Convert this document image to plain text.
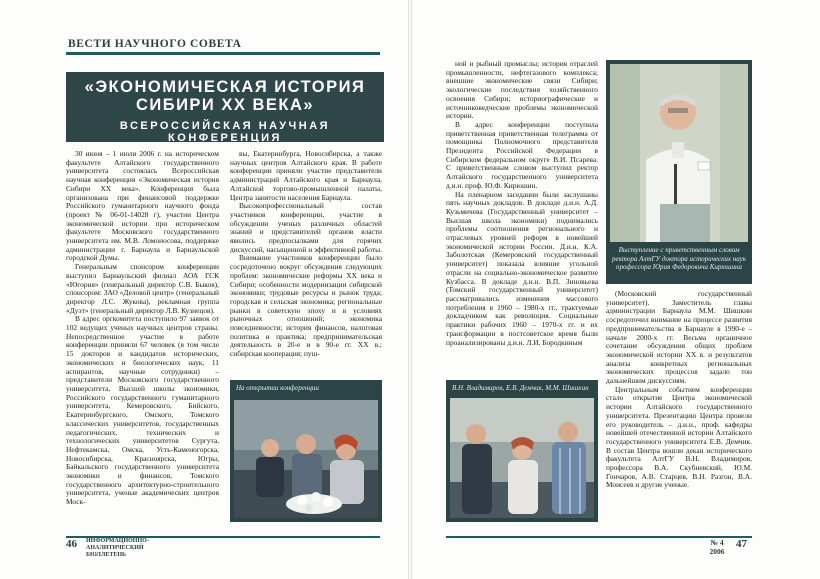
ВЕСТИ НАУЧНОГО СОВЕТА
«ЭКОНОМИЧЕСКАЯ ИСТОРИЯ СИБИРИ ХХ ВЕКА»
ВСЕРОССИЙСКАЯ НАУЧНАЯ КОНФЕРЕНЦИЯ

30 июня – 1 июля 2006 г. на историческом факультете Алтайского государственного университета состоялась Всероссийская научная конференция «Экономическая история Сибири ХХ века». Конференция была организована при финансовой поддержке Российского гуманитарного научного фонда (проект № 06-01-14028 г), участии Центра экономической истории при историческом факультете Московского государственного университета им. М.В. Ломоносова, поддержке администрации г. Барнаула и Барнаульской городской Думы.

Генеральным спонсором конференции выступил Барнаульский филиал АОА ГСК «Югория» (генеральный директор С.В. Быков), спонсором: ЗАО «Деловой центр» (генеральный директор Л.С. Жукова), рекламная группа «Дуэт» (генеральный директор Л.В. Кузнецов).

В адрес оргкомитета поступило 97 заявок от 102 ведущих ученых научных центров страны. Непосредственное участие в работе конференции приняли 67 человек (в том числе 15 докторов и кандидатов исторических, экономических и биологических наук, 11 аспирантов, научные сотрудники) – представители Московского государственного университета, Высшей школы экономики, Российского государственного гуманитарного университета, Кемеровского, Бийского, Екатеринбургского, Омского, Томского классических университетов, государственных педагогических, технических и технологических университетов Сургута, Нефтекамска, Омска, Усть-Каменогорска, Новосибирска, Красноярска, Югры, Байкальского государственного университета экономики и финансов, Томского государственного архитектурно-строительного университета, ученые академических центров Моск-

вы, Екатеринбурга, Новосибирска, а также научных центров Алтайского края. В работе конференции приняли участие представители администраций Алтайского края и Барнаула, Алтайской торгово-промышленной палаты, Центра занятости населения Барнаула.

Высокопрофессиональный состав участников конференции, участие в обсуждении ученых различных областей знаний и представителей органов власти явились предпосылками для горячих дискуссий, насыщенной и эффективной работы.

Внимание участников конференции было сосредоточено вокруг обсуждения следующих проблем: экономические реформы ХХ века и Сибири; особенности модернизации сибирской экономики; трудовые ресурсы и рынок труда; городская и сельская экономика; региональные рынки в советскую эпоху и в условиях рыночных отношений; экономика повседневности; история финансов, налоговая политика и практика; предпринимательская деятельность в 20-е и в 90-е гг. ХХ в.; сибирская кооперация; пуш-

На открытии конференции
46 ИНФОРМАЦИОННО-АНАЛИТИЧЕСКИЙ БЮЛЛЕТЕНЬ

ной и рыбный промыслы; история отраслей промышленности, нефтегазового комплекса; внешние экономические связи Сибири; экологические последствия хозяйственного освоения Сибири; историографические и источниковедческие проблемы экономической истории.

В адрес конференции поступила приветственная приветственная телеграмма от помощника Полномочного представителя Президента Российской Федерации в Сибирском федеральном округе В.И. Псарева. С приветственным словом выступил ректор Алтайского государственного университета д.и.н. проф. Ю.Ф. Кирюшин.

На пленарном заседании были заслушаны пять научных докладов. В докладе д.и.н. А.Д. Кузьмичева (Государственный университет – Высшая школа экономики) поднимались проблемы соотношения регионального и отраслевых уровней реформ в новейшей экономической истории России. Д.и.н. К.А. Заболотская (Кемеровский государственный университет) показала влияние угольной отрасли на социально-экономическое развитие Кузбасса. В докладе д.и.н. В.П. Зиновьева (Томский государственный университет) рассматривались изменения массового потребления в 1960 – 1980-х гг., трактуемые докладчиком как революция. Социальные практики рабочих 1960 – 1970-х гг. и их трансформации в постсоветское время были проанализированы д.и.н. Л.И. Бородкиным

Выступление с приветственным словом ректора АлтГУ доктора исторических наук профессора Юрия Федоровича Кирюшина
В.Н. Владимиров, Е.В. Демчик, М.М. Шишкин

(Московский государственный университет). Заместитель главы администрации Барнаула М.М. Шишкин сосредоточил внимание на процессе развития предпринимательства в Барнауле в 1990-е – начале 2000-х гг. Весьма органичное сочетание обсуждения общих проблем экономической истории ХХ в. и результатов анализа конкретных региональных экономических процессов задало тон дальнейшим дискуссиям.

Центральным событием конференции стало открытие Центра экономической истории Алтайского государственного университета. Презентацию Центра провели его руководитель – д.и.н., проф. кафедры новейшей отечественной истории Алтайского государственного университета Е.В. Демчик. В состав Центра вошли декан исторического факультета АлтГУ В.Н. Владимиров, профессора В.А. Скубневский, Ю.М. Гончаров, А.В. Старцев, В.Н. Разгон, В.А. Моисеев и другие ученые.

№ 4
2006
47
